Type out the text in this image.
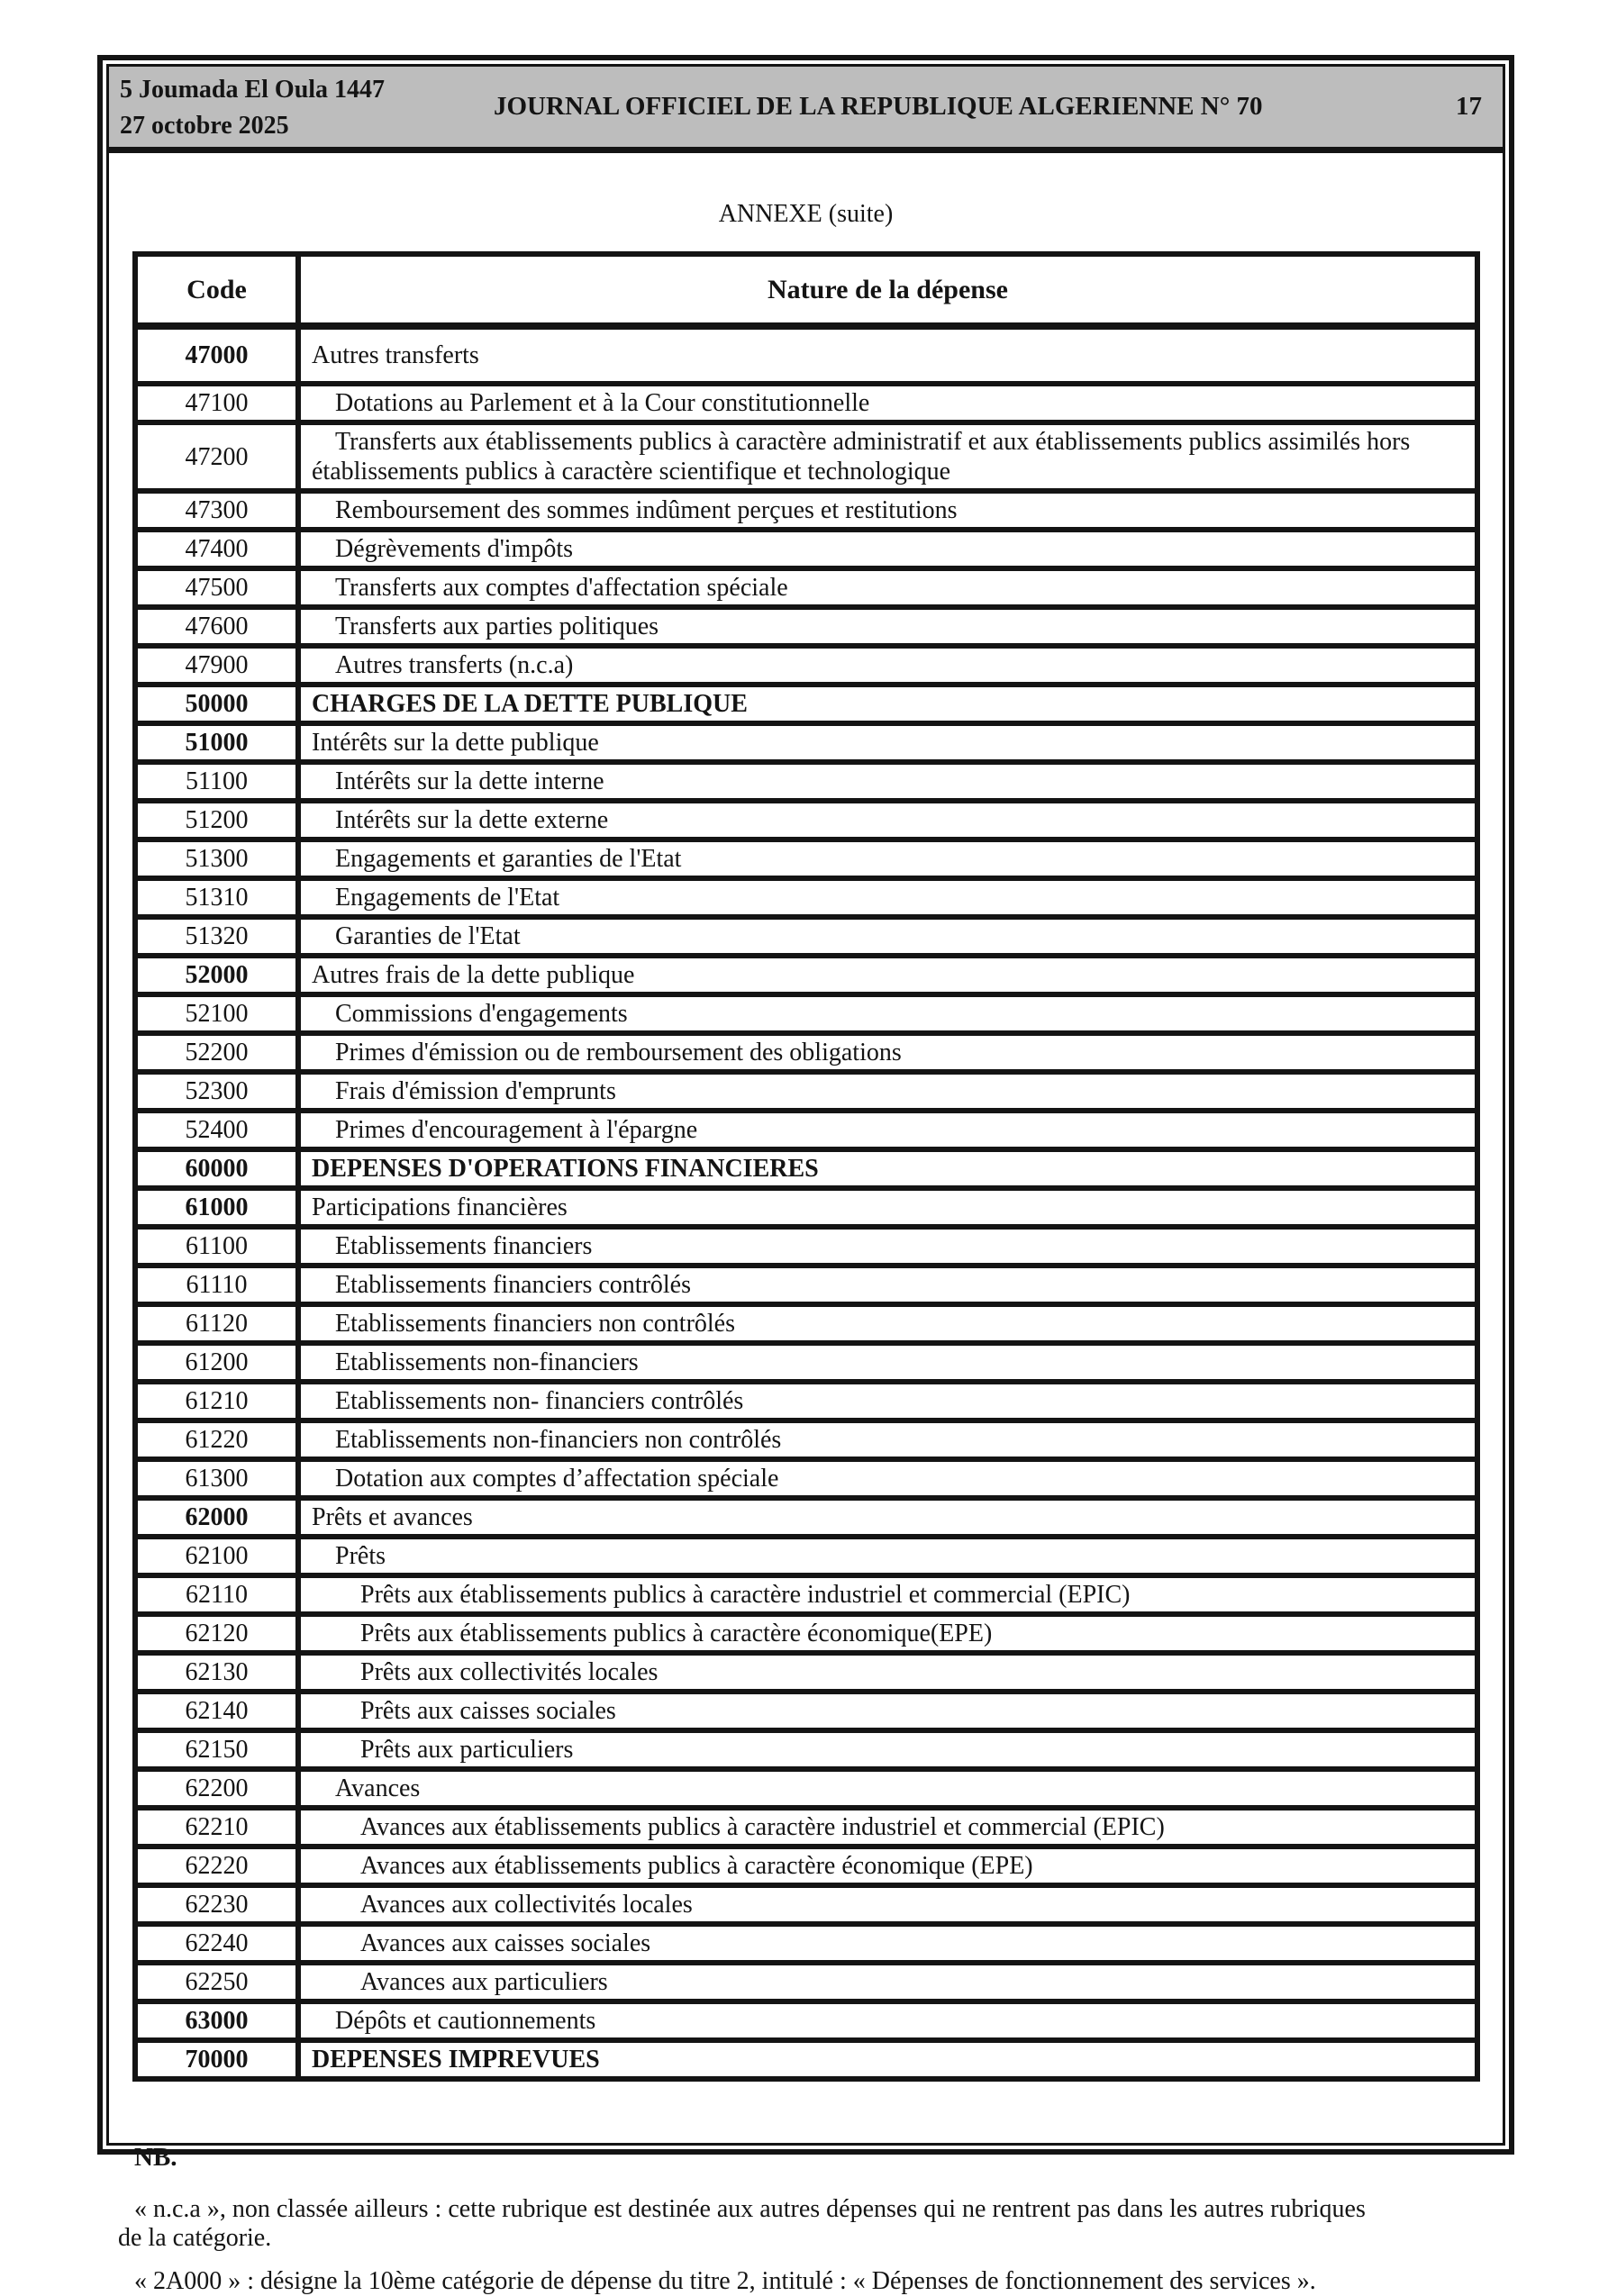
5 Joumada El Oula 1447
27 octobre 2025
JOURNAL OFFICIEL DE LA REPUBLIQUE ALGERIENNE N° 70	17
ANNEXE (suite)
Code	Nature de la dépense
47000	Autres transferts
47100	Dotations au Parlement et à la Cour constitutionnelle
47200	Transferts aux établissements publics à caractère administratif et aux établissements publics assimilés hors établissements publics à caractère scientifique et technologique
47300	Remboursement des sommes indûment perçues et restitutions
47400	Dégrèvements d'impôts
47500	Transferts aux comptes d'affectation spéciale
47600	Transferts aux parties politiques
47900	Autres transferts (n.c.a)
50000	CHARGES DE LA DETTE PUBLIQUE
51000	Intérêts sur la dette publique
51100	Intérêts sur la dette interne
51200	Intérêts sur la dette externe
51300	Engagements et garanties de l'Etat
51310	Engagements de l'Etat
51320	Garanties de l'Etat
52000	Autres frais de la dette publique
52100	Commissions d'engagements
52200	Primes d'émission ou de remboursement des obligations
52300	Frais d'émission d'emprunts
52400	Primes d'encouragement à l'épargne
60000	DEPENSES D'OPERATIONS FINANCIERES
61000	Participations financières
61100	Etablissements financiers
61110	Etablissements financiers contrôlés
61120	Etablissements financiers non contrôlés
61200	Etablissements non-financiers
61210	Etablissements non- financiers contrôlés
61220	Etablissements non-financiers non contrôlés
61300	Dotation aux comptes d’affectation spéciale
62000	Prêts et avances
62100	Prêts
62110	Prêts aux établissements publics à caractère industriel et commercial (EPIC)
62120	Prêts aux établissements publics à caractère économique(EPE)
62130	Prêts aux collectivités locales
62140	Prêts aux caisses sociales
62150	Prêts aux particuliers
62200	Avances
62210	Avances aux établissements publics à caractère industriel et commercial (EPIC)
62220	Avances aux établissements publics à caractère économique (EPE)
62230	Avances aux collectivités locales
62240	Avances aux caisses sociales
62250	Avances aux particuliers
63000	Dépôts et cautionnements
70000	DEPENSES IMPREVUES
NB.
« n.c.a », non classée ailleurs : cette rubrique est destinée aux autres dépenses qui ne rentrent pas dans les autres rubriques
de la catégorie.
« 2A000 » : désigne la 10ème catégorie de dépense du titre 2, intitulé : « Dépenses de fonctionnement des services ».
